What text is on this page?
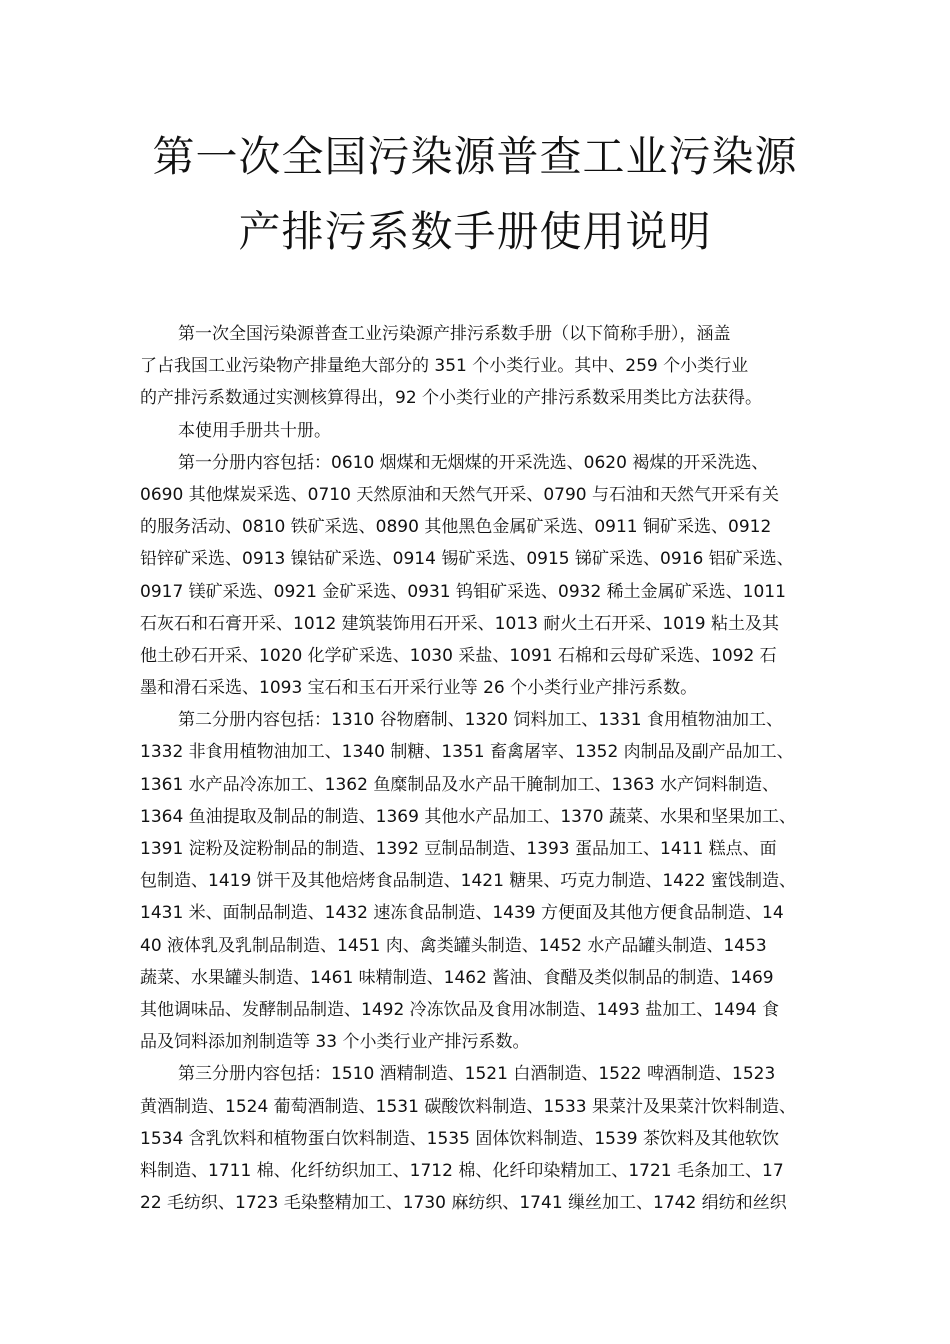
第一次全国污染源普查工业污染源
产排污系数手册使用说明
第一次全国污染源普查工业污染源产排污系数手册（以下简称手册），涵盖
了占我国工业污染物产排量绝大部分的 351 个小类行业。其中、259 个小类行业
的产排污系数通过实测核算得出，92 个小类行业的产排污系数采用类比方法获得。
本使用手册共十册。
第一分册内容包括：0610 烟煤和无烟煤的开采洗选、0620 褐煤的开采洗选、
0690 其他煤炭采选、0710 天然原油和天然气开采、0790 与石油和天然气开采有关
的服务活动、0810 铁矿采选、0890 其他黑色金属矿采选、0911 铜矿采选、0912
铅锌矿采选、0913 镍钴矿采选、0914 锡矿采选、0915 锑矿采选、0916 铝矿采选、
0917 镁矿采选、0921 金矿采选、0931 钨钼矿采选、0932 稀土金属矿采选、1011
石灰石和石膏开采、1012 建筑装饰用石开采、1013 耐火土石开采、1019 粘土及其
他土砂石开采、1020 化学矿采选、1030 采盐、1091 石棉和云母矿采选、1092 石
墨和滑石采选、1093 宝石和玉石开采行业等 26 个小类行业产排污系数。
第二分册内容包括：1310 谷物磨制、1320 饲料加工、1331 食用植物油加工、
1332 非食用植物油加工、1340 制糖、1351 畜禽屠宰、1352 肉制品及副产品加工、
1361 水产品冷冻加工、1362 鱼糜制品及水产品干腌制加工、1363 水产饲料制造、
1364 鱼油提取及制品的制造、1369 其他水产品加工、1370 蔬菜、水果和坚果加工、
1391 淀粉及淀粉制品的制造、1392 豆制品制造、1393 蛋品加工、1411 糕点、面
包制造、1419 饼干及其他焙烤食品制造、1421 糖果、巧克力制造、1422 蜜饯制造、
1431 米、面制品制造、1432 速冻食品制造、1439 方便面及其他方便食品制造、14
40 液体乳及乳制品制造、1451 肉、禽类罐头制造、1452 水产品罐头制造、1453
蔬菜、水果罐头制造、1461 味精制造、1462 酱油、食醋及类似制品的制造、1469
其他调味品、发酵制品制造、1492 冷冻饮品及食用冰制造、1493 盐加工、1494 食
品及饲料添加剂制造等 33 个小类行业产排污系数。
第三分册内容包括：1510 酒精制造、1521 白酒制造、1522 啤酒制造、1523
黄酒制造、1524 葡萄酒制造、1531 碳酸饮料制造、1533 果菜汁及果菜汁饮料制造、
1534 含乳饮料和植物蛋白饮料制造、1535 固体饮料制造、1539 茶饮料及其他软饮
料制造、1711 棉、化纤纺织加工、1712 棉、化纤印染精加工、1721 毛条加工、17
22 毛纺织、1723 毛染整精加工、1730 麻纺织、1741 缫丝加工、1742 绢纺和丝织
